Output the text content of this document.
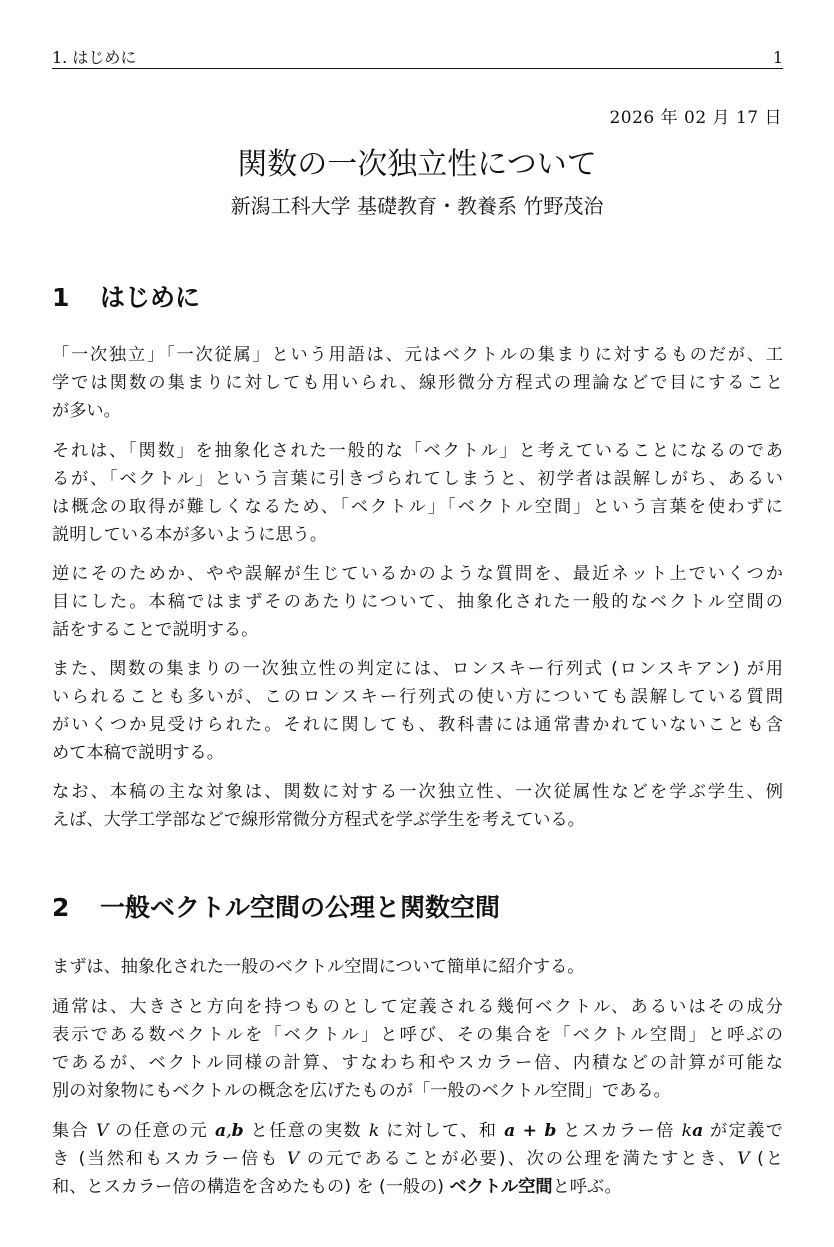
1. はじめに	1
2026 年 02 月 17 日
関数の一次独立性について
新潟工科大学 基礎教育・教養系 竹野茂治
1 はじめに
「一次独立」「一次従属」という用語は、元はベクトルの集まりに対するものだが、工
学では関数の集まりに対しても用いられ、線形微分方程式の理論などで目にすること
が多い。
それは、「関数」を抽象化された一般的な「ベクトル」と考えていることになるのであ
るが、「ベクトル」という言葉に引きづられてしまうと、初学者は誤解しがち、あるい
は概念の取得が難しくなるため、「ベクトル」「ベクトル空間」という言葉を使わずに
説明している本が多いように思う。
逆にそのためか、やや誤解が生じているかのような質問を、最近ネット上でいくつか
目にした。本稿ではまずそのあたりについて、抽象化された一般的なベクトル空間の
話をすることで説明する。
また、関数の集まりの一次独立性の判定には、ロンスキー行列式 (ロンスキアン) が用
いられることも多いが、このロンスキー行列式の使い方についても誤解している質問
がいくつか見受けられた。それに関しても、教科書には通常書かれていないことも含
めて本稿で説明する。
なお、本稿の主な対象は、関数に対する一次独立性、一次従属性などを学ぶ学生、例
えば、大学工学部などで線形常微分方程式を学ぶ学生を考えている。
2 一般ベクトル空間の公理と関数空間
まずは、抽象化された一般のベクトル空間について簡単に紹介する。
通常は、大きさと方向を持つものとして定義される幾何ベクトル、あるいはその成分
表示である数ベクトルを「ベクトル」と呼び、その集合を「ベクトル空間」と呼ぶの
であるが、ベクトル同様の計算、すなわち和やスカラー倍、内積などの計算が可能な
別の対象物にもベクトルの概念を広げたものが「一般のベクトル空間」である。
集合 V の任意の元 a,b と任意の実数 k に対して、和 a + b とスカラー倍 ka が定義で
き (当然和もスカラー倍も V の元であることが必要)、次の公理を満たすとき、V (と
和、とスカラー倍の構造を含めたもの) を (一般の) ベクトル空間と呼ぶ。
